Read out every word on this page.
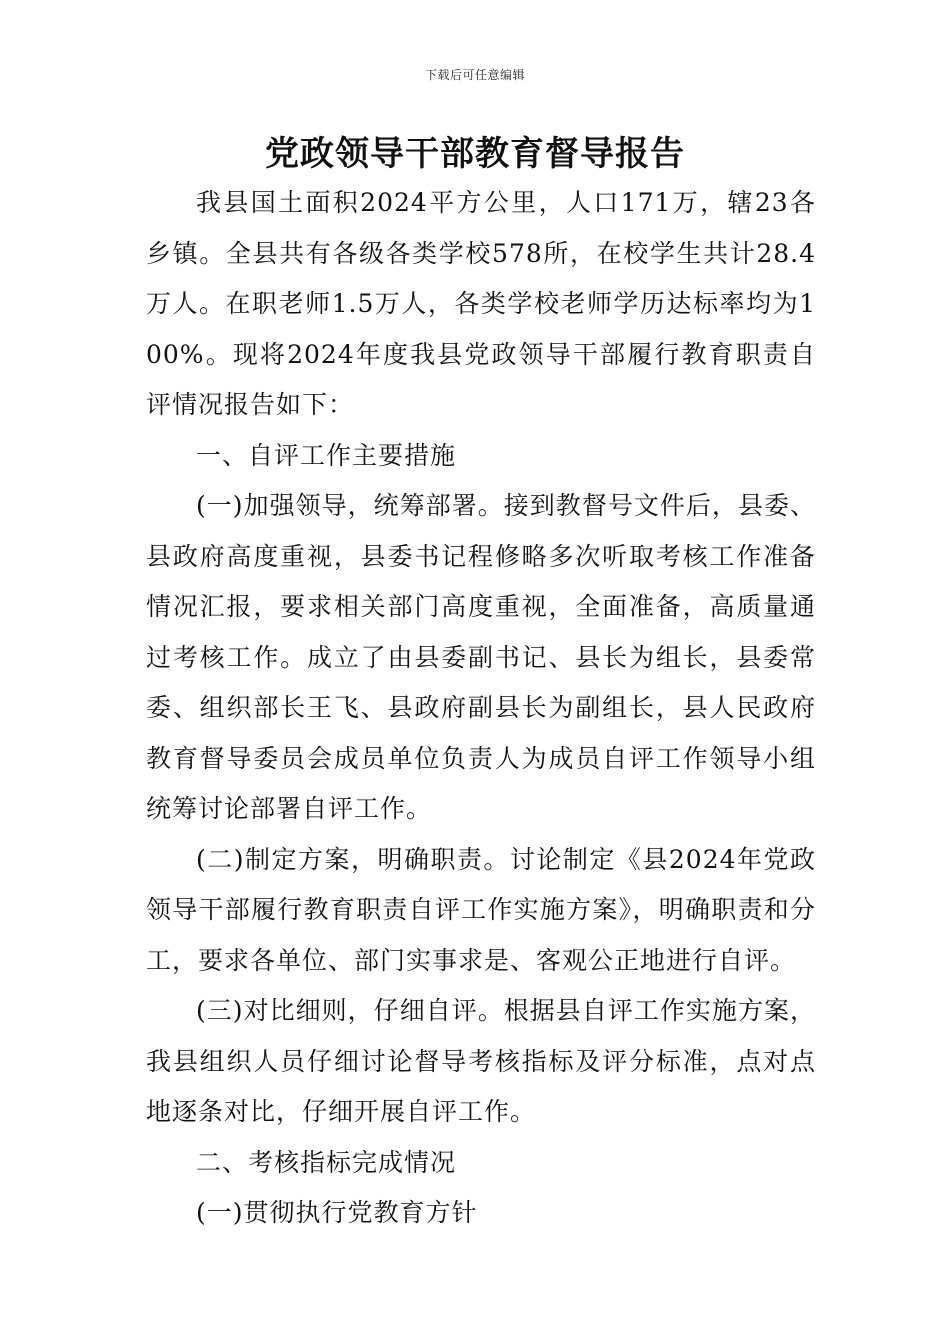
下载后可任意编辑
党政领导干部教育督导报告

我县国土面积2024平方公里，人口171万，辖23各乡镇。全县共有各级各类学校578所，在校学生共计28.4万人。在职老师1.5万人，各类学校老师学历达标率均为100%。现将2024年度我县党政领导干部履行教育职责自评情况报告如下：

一、自评工作主要措施

(一)加强领导，统筹部署。接到教督号文件后，县委、县政府高度重视，县委书记程修略多次听取考核工作准备情况汇报，要求相关部门高度重视，全面准备，高质量通过考核工作。成立了由县委副书记、县长为组长，县委常委、组织部长王飞、县政府副县长为副组长，县人民政府教育督导委员会成员单位负责人为成员自评工作领导小组统筹讨论部署自评工作。

(二)制定方案，明确职责。讨论制定《县2024年党政领导干部履行教育职责自评工作实施方案》，明确职责和分工，要求各单位、部门实事求是、客观公正地进行自评。

(三)对比细则，仔细自评。根据县自评工作实施方案，我县组织人员仔细讨论督导考核指标及评分标准，点对点地逐条对比，仔细开展自评工作。

二、考核指标完成情况

(一)贯彻执行党教育方针
